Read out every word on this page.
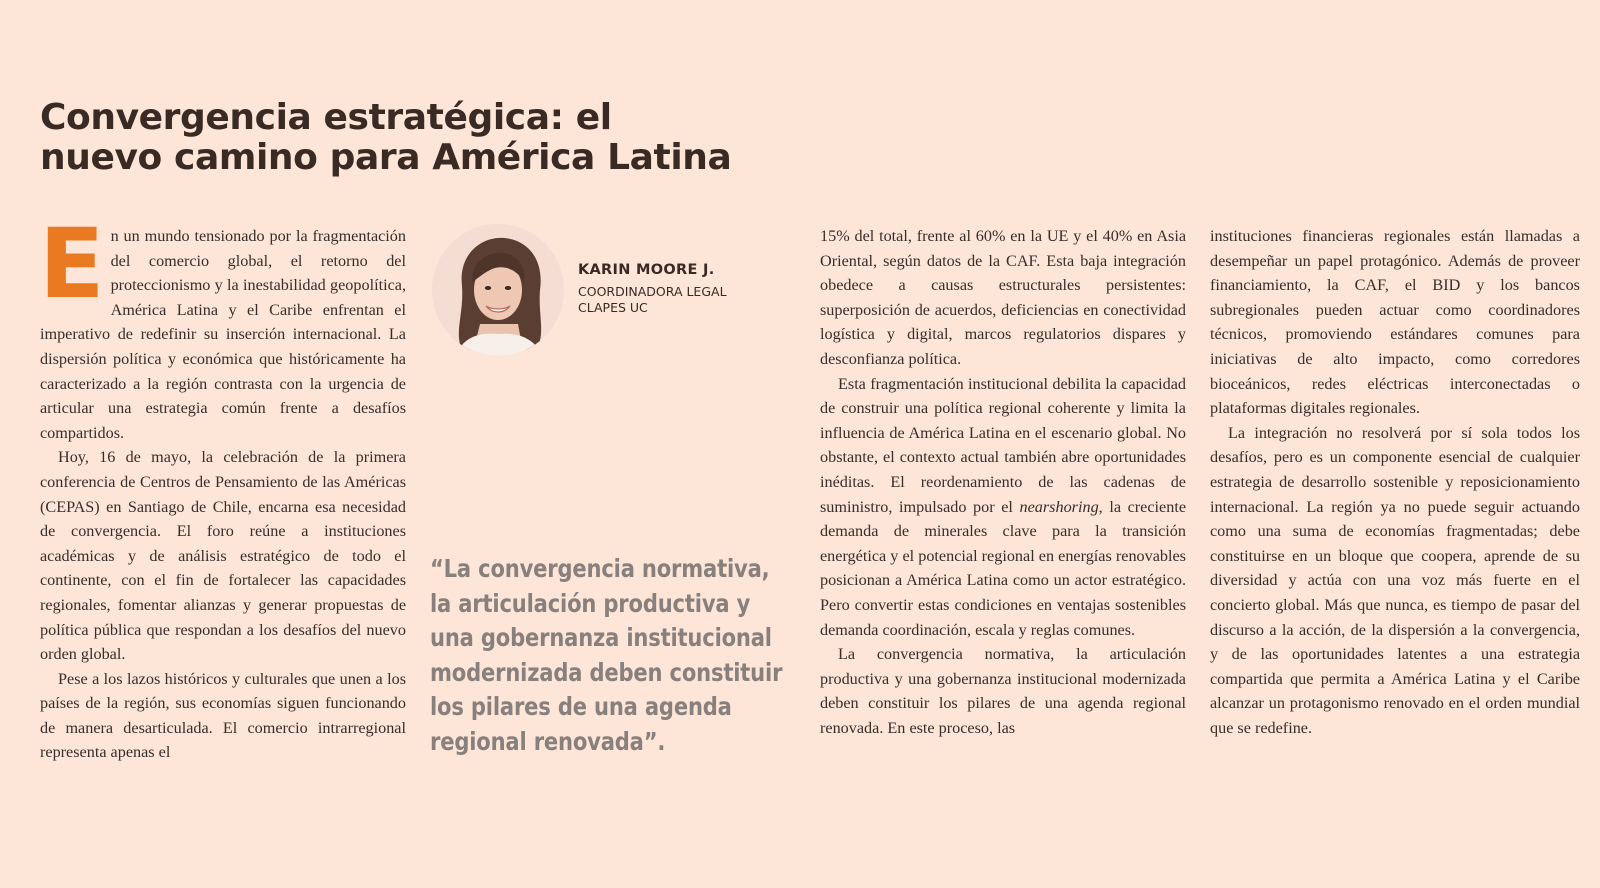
Convergencia estratégica: el nuevo camino para América Latina

En un mundo tensionado por la fragmentación del comercio global, el retorno del proteccionismo y la inestabilidad geopolítica, América Latina y el Caribe enfrentan el imperativo de redefinir su inserción internacional. La dispersión política y económica que históricamente ha caracterizado a la región contrasta con la urgencia de articular una estrategia común frente a desafíos compartidos.

Hoy, 16 de mayo, la celebración de la primera conferencia de Centros de Pensamiento de las Américas (CEPAS) en Santiago de Chile, encarna esa necesidad de convergencia. El foro reúne a instituciones académicas y de análisis estratégico de todo el continente, con el fin de fortalecer las capacidades regionales, fomentar alianzas y generar propuestas de política pública que respondan a los desafíos del nuevo orden global.

Pese a los lazos históricos y culturales que unen a los países de la región, sus economías siguen funcionando de manera desarticulada. El comercio intrarregional representa apenas el

KARIN MOORE J.
COORDINADORA LEGAL CLAPES UC
“La convergencia normativa, la articulación productiva y una gobernanza institucional modernizada deben constituir los pilares de una agenda regional renovada”.

15% del total, frente al 60% en la UE y el 40% en Asia Oriental, según datos de la CAF. Esta baja integración obedece a causas estructurales persistentes: superposición de acuerdos, deficiencias en conectividad logística y digital, marcos regulatorios dispares y desconfianza política.

Esta fragmentación institucional debilita la capacidad de construir una política regional coherente y limita la influencia de América Latina en el escenario global. No obstante, el contexto actual también abre oportunidades inéditas. El reordenamiento de las cadenas de suministro, impulsado por el nearshoring, la creciente demanda de minerales clave para la transición energética y el potencial regional en energías renovables posicionan a América Latina como un actor estratégico. Pero convertir estas condiciones en ventajas sostenibles demanda coordinación, escala y reglas comunes.

La convergencia normativa, la articulación productiva y una gobernanza institucional modernizada deben constituir los pilares de una agenda regional renovada. En este proceso, las

instituciones financieras regionales están llamadas a desempeñar un papel protagónico. Además de proveer financiamiento, la CAF, el BID y los bancos subregionales pueden actuar como coordinadores técnicos, promoviendo estándares comunes para iniciativas de alto impacto, como corredores bioceánicos, redes eléctricas interconectadas o plataformas digitales regionales.

La integración no resolverá por sí sola todos los desafíos, pero es un componente esencial de cualquier estrategia de desarrollo sostenible y reposicionamiento internacional. La región ya no puede seguir actuando como una suma de economías fragmentadas; debe constituirse en un bloque que coopera, aprende de su diversidad y actúa con una voz más fuerte en el concierto global. Más que nunca, es tiempo de pasar del discurso a la acción, de la dispersión a la convergencia, y de las oportunidades latentes a una estrategia compartida que permita a América Latina y el Caribe alcanzar un protagonismo renovado en el orden mundial que se redefine.
